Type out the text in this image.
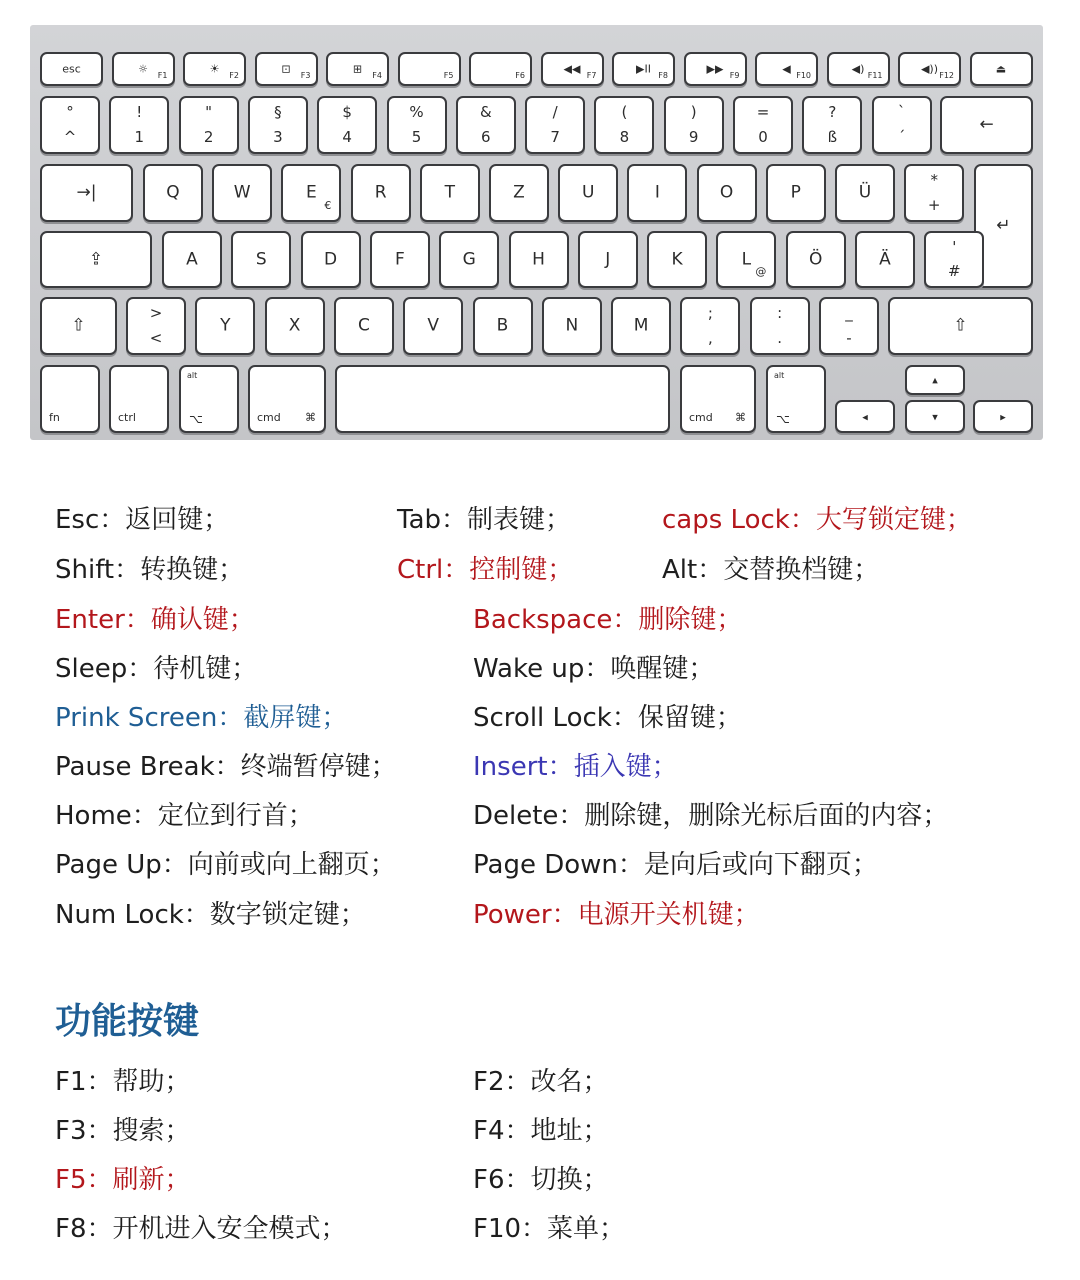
esc	☼	F1	☀	F2	⊡	F3	⊞	F4	F5	F6	◀◀ F7	▶II F8	▶▶ F9	◀ F10	◀) F11	◀)) F12	⏏
°
^
!
1
"
2
§
3
$
4
%
5
&
6
/
7
(
8
)
9
=
0
?
ß
`
´
←
→|	Q	W	E
€
R	T	Z	U	I	O	P	Ü
*
+
↵
⇪	A	S	D	F	G	H	J	K	L
@
Ö	Ä
'
#
⇧
>
<
Y	X	C	V	B	N	M
;
,
:
.
_
-
⇧
fn	ctrl
alt
⌥	cmd ⌘	cmd ⌘
alt
⌥	◂
▴
▾	▸
Esc：返回键；	Tab：制表键；	caps Lock：大写锁定键；
Shift：转换键；	Ctrl：控制键；	Alt：交替换档键；
Enter：确认键；	Backspace：删除键；
Sleep：待机键；	Wake up：唤醒键；
Prink Screen：截屏键；	Scroll Lock：保留键；
Pause Break：终端暂停键；	Insert：插入键；
Home：定位到行首；	Delete：删除键，删除光标后面的内容；
Page Up：向前或向上翻页；	Page Down：是向后或向下翻页；
Num Lock：数字锁定键；	Power：电源开关机键；
功能按键
F1：帮助；	F2：改名；
F3：搜索；	F4：地址；
F5：刷新；	F6：切换；
F8：开机进入安全模式；	F10：菜单；
